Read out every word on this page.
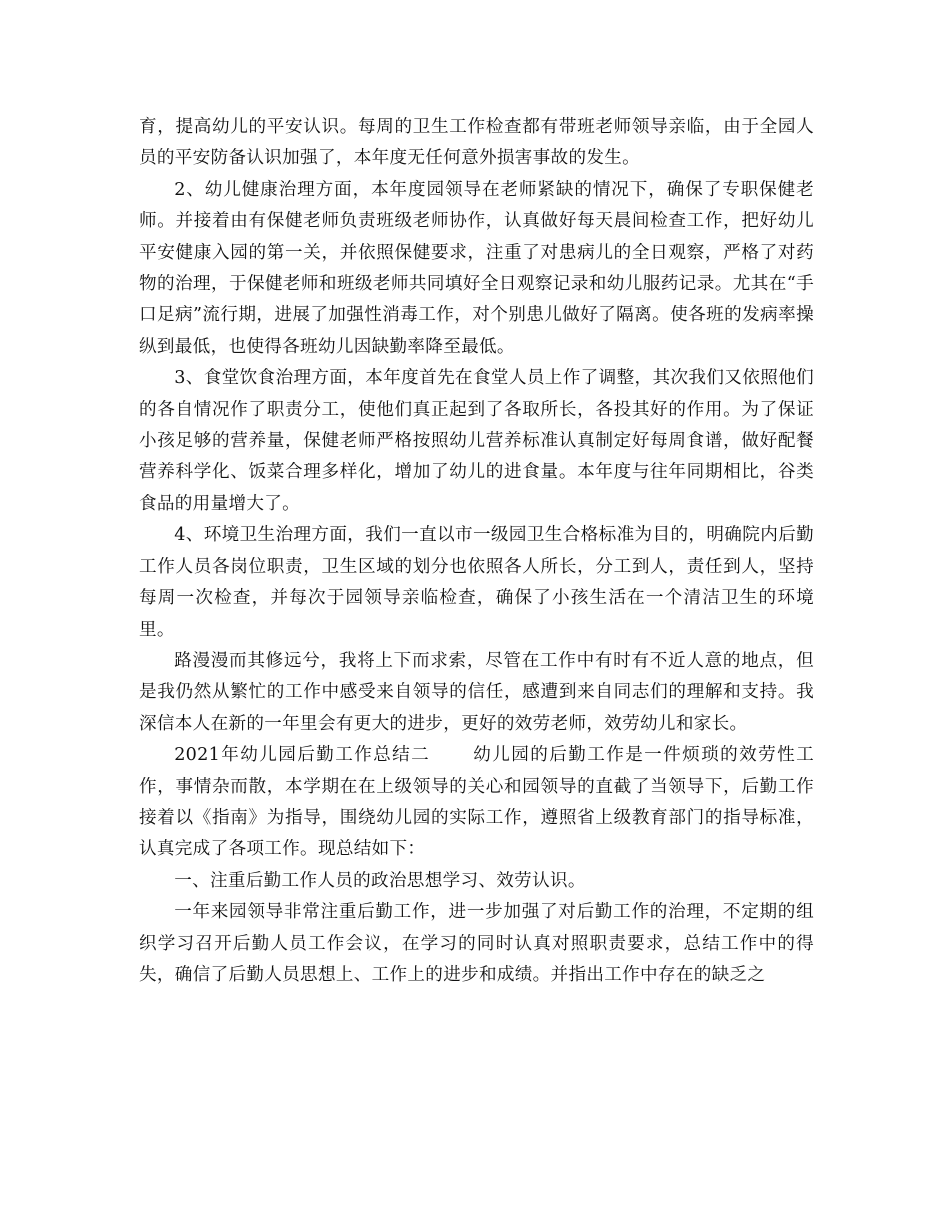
育，提高幼儿的平安认识。每周的卫生工作检查都有带班老师领导亲临，由于全园人员的平安防备认识加强了，本年度无任何意外损害事故的发生。

2、幼儿健康治理方面，本年度园领导在老师紧缺的情况下，确保了专职保健老师。并接着由有保健老师负责班级老师协作，认真做好每天晨间检查工作，把好幼儿平安健康入园的第一关，并依照保健要求，注重了对患病儿的全日观察，严格了对药物的治理，于保健老师和班级老师共同填好全日观察记录和幼儿服药记录。尤其在“手口足病”流行期，进展了加强性消毒工作，对个别患儿做好了隔离。使各班的发病率操纵到最低，也使得各班幼儿因缺勤率降至最低。

3、食堂饮食治理方面，本年度首先在食堂人员上作了调整，其次我们又依照他们的各自情况作了职责分工，使他们真正起到了各取所长，各投其好的作用。为了保证小孩足够的营养量，保健老师严格按照幼儿营养标准认真制定好每周食谱，做好配餐营养科学化、饭菜合理多样化，增加了幼儿的进食量。本年度与往年同期相比，谷类食品的用量增大了。

4、环境卫生治理方面，我们一直以市一级园卫生合格标准为目的，明确院内后勤工作人员各岗位职责，卫生区域的划分也依照各人所长，分工到人，责任到人，坚持每周一次检查，并每次于园领导亲临检查，确保了小孩生活在一个清洁卫生的环境里。

路漫漫而其修远兮，我将上下而求索，尽管在工作中有时有不近人意的地点，但是我仍然从繁忙的工作中感受来自领导的信任，感遭到来自同志们的理解和支持。我深信本人在新的一年里会有更大的进步，更好的效劳老师，效劳幼儿和家长。

2021年幼儿园后勤工作总结二 幼儿园的后勤工作是一件烦琐的效劳性工作，事情杂而散，本学期在在上级领导的关心和园领导的直截了当领导下，后勤工作接着以《指南》为指导，围绕幼儿园的实际工作，遵照省上级教育部门的指导标准，认真完成了各项工作。现总结如下：

一、注重后勤工作人员的政治思想学习、效劳认识。

一年来园领导非常注重后勤工作，进一步加强了对后勤工作的治理，不定期的组织学习召开后勤人员工作会议，在学习的同时认真对照职责要求，总结工作中的得失，确信了后勤人员思想上、工作上的进步和成绩。并指出工作中存在的缺乏之
